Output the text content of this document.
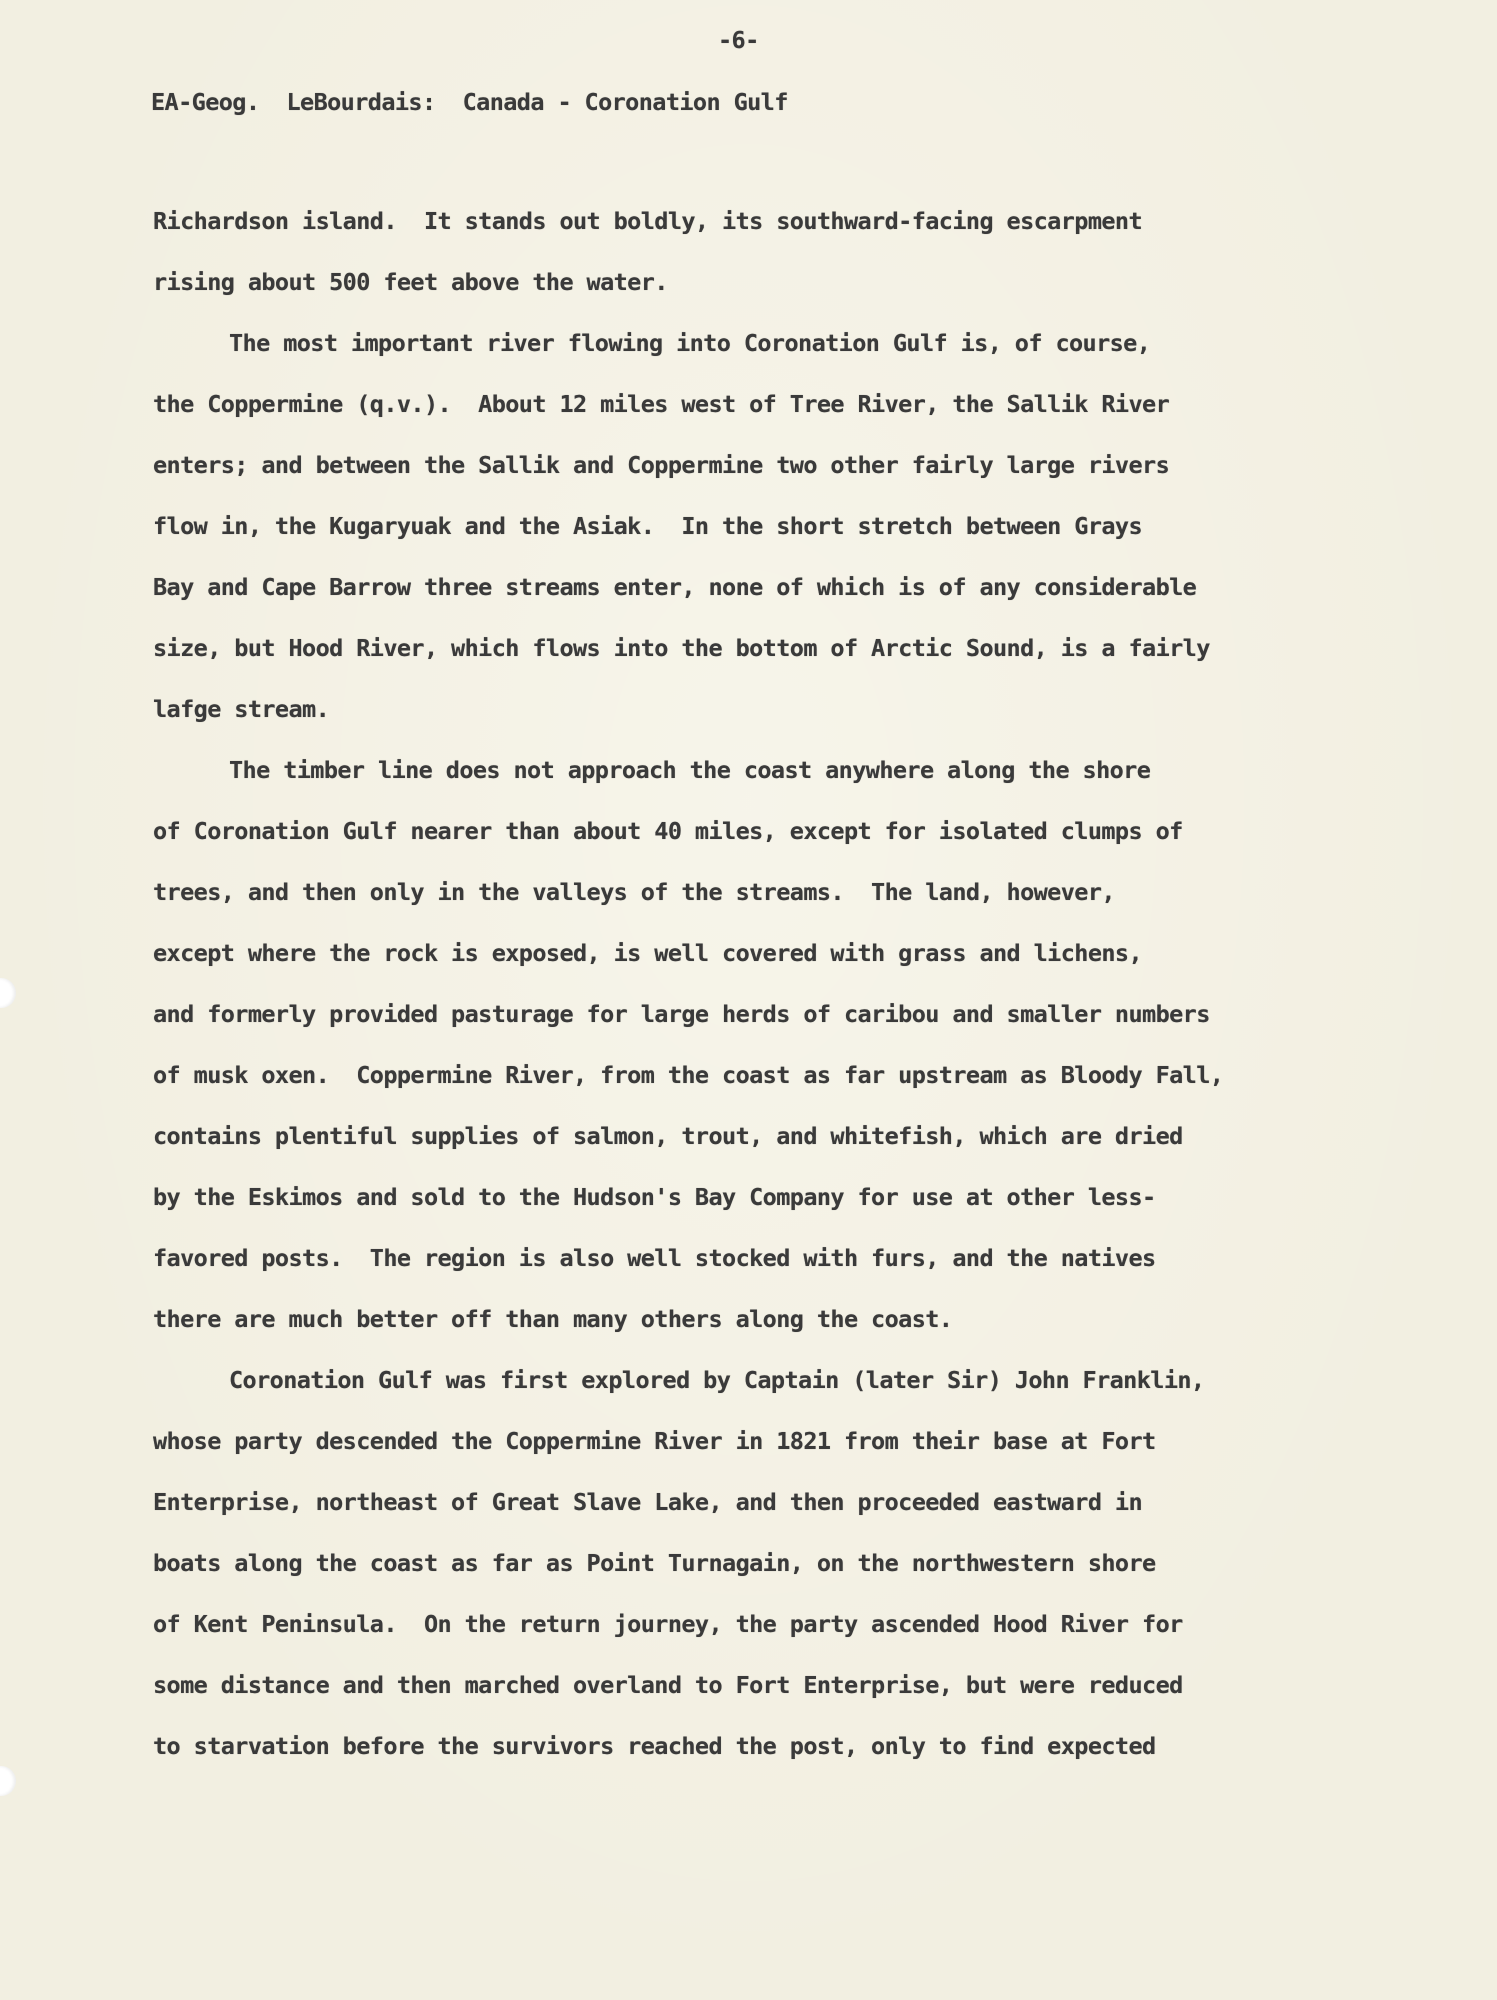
-6-
EA-Geog.  LeBourdais:  Canada - Coronation Gulf
Richardson island.  It stands out boldly, its southward-facing escarpment
rising about 500 feet above the water.
The most important river flowing into Coronation Gulf is, of course,
the Coppermine (q.v.).  About 12 miles west of Tree River, the Sallik River
enters; and between the Sallik and Coppermine two other fairly large rivers
flow in, the Kugaryuak and the Asiak.  In the short stretch between Grays
Bay and Cape Barrow three streams enter, none of which is of any considerable
size, but Hood River, which flows into the bottom of Arctic Sound, is a fairly
lafge stream.
The timber line does not approach the coast anywhere along the shore
of Coronation Gulf nearer than about 40 miles, except for isolated clumps of
trees, and then only in the valleys of the streams.  The land, however,
except where the rock is exposed, is well covered with grass and lichens,
and formerly provided pasturage for large herds of caribou and smaller numbers
of musk oxen.  Coppermine River, from the coast as far upstream as Bloody Fall,
contains plentiful supplies of salmon, trout, and whitefish, which are dried
by the Eskimos and sold to the Hudson's Bay Company for use at other less-
favored posts.  The region is also well stocked with furs, and the natives
there are much better off than many others along the coast.
Coronation Gulf was first explored by Captain (later Sir) John Franklin,
whose party descended the Coppermine River in 1821 from their base at Fort
Enterprise, northeast of Great Slave Lake, and then proceeded eastward in
boats along the coast as far as Point Turnagain, on the northwestern shore
of Kent Peninsula.  On the return journey, the party ascended Hood River for
some distance and then marched overland to Fort Enterprise, but were reduced
to starvation before the survivors reached the post, only to find expected
